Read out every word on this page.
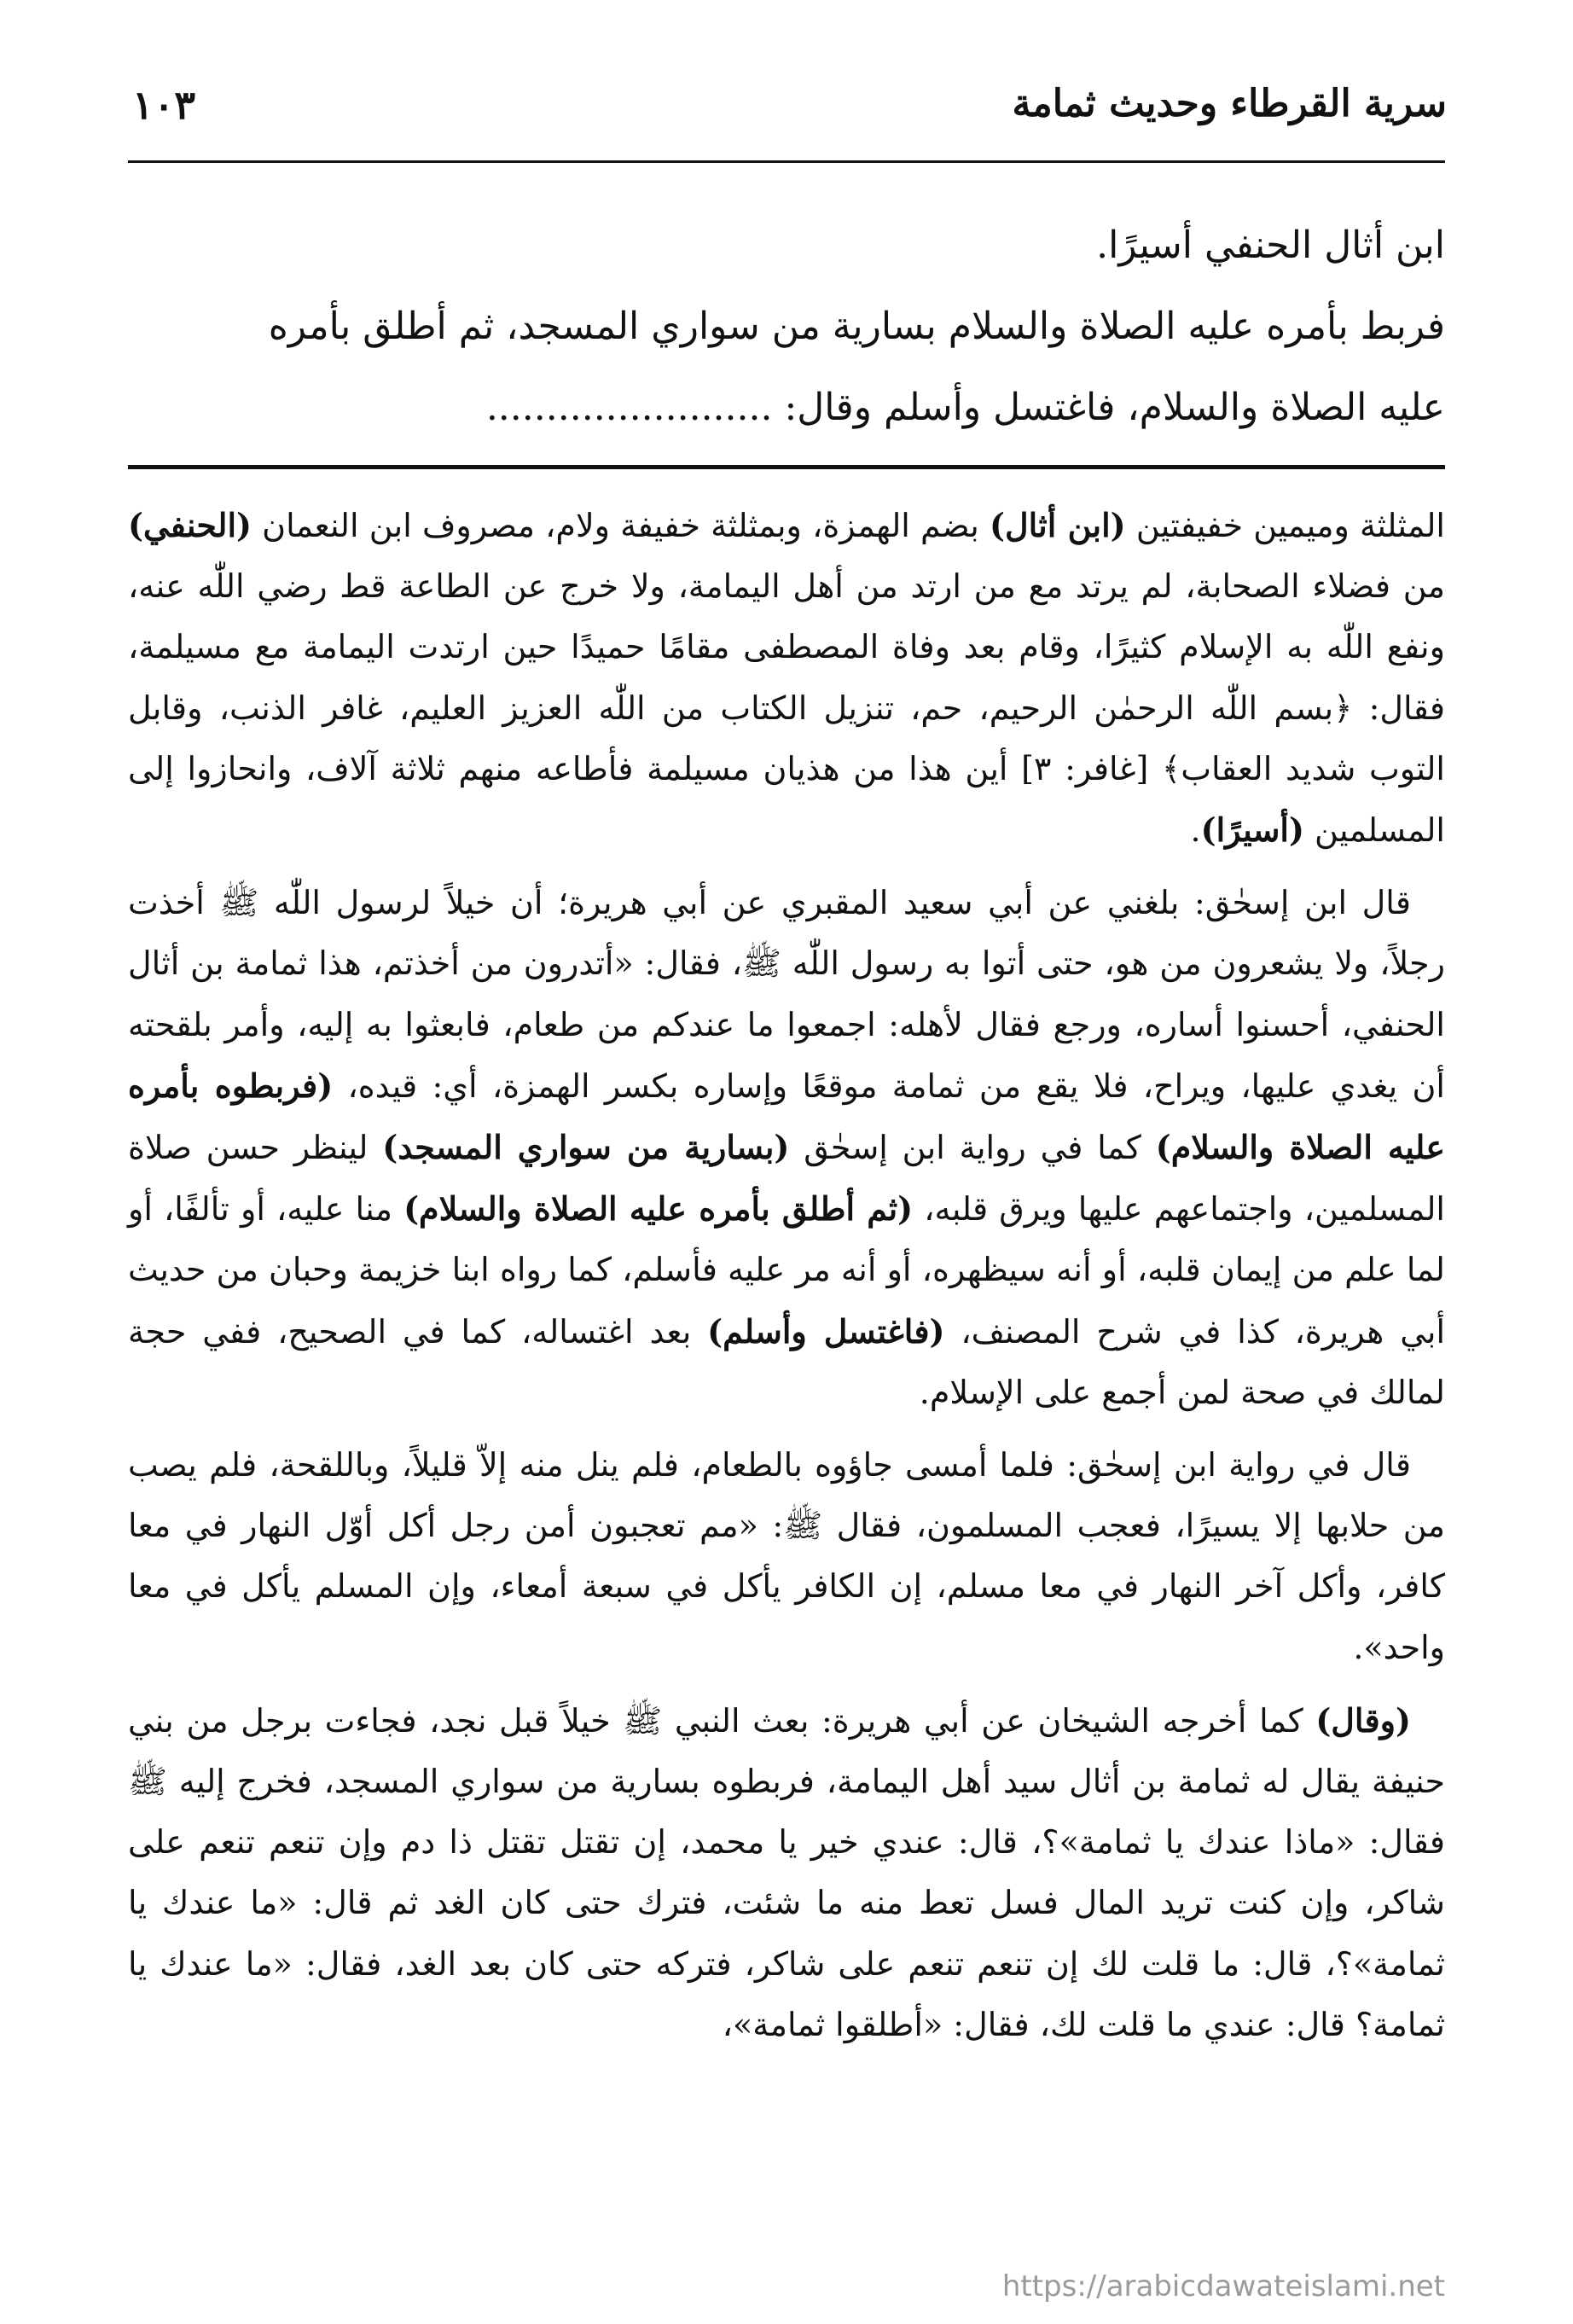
سرية القرطاء وحديث ثمامة
١٠٣

ابن أثال الحنفي أسيرًا.

فربط بأمره عليه الصلاة والسلام بسارية من سواري المسجد، ثم أطلق بأمره

عليه الصلاة والسلام، فاغتسل وأسلم وقال: ........................

المثلثة وميمين خفيفتين (ابن أثال) بضم الهمزة، وبمثلثة خفيفة ولام، مصروف ابن النعمان (الحنفي) من فضلاء الصحابة، لم يرتد مع من ارتد من أهل اليمامة، ولا خرج عن الطاعة قط رضي اللّٰه عنه، ونفع اللّٰه به الإسلام كثيرًا، وقام بعد وفاة المصطفى مقامًا حميدًا حين ارتدت اليمامة مع مسيلمة، فقال: ﴿بسم اللّٰه الرحمٰن الرحيم، حم، تنزيل الكتاب من اللّٰه العزيز العليم، غافر الذنب، وقابل التوب شديد العقاب﴾ [غافر: ٣] أين هذا من هذيان مسيلمة فأطاعه منهم ثلاثة آلاف، وانحازوا إلى المسلمين (أسيرًا).

قال ابن إسحٰق: بلغني عن أبي سعيد المقبري عن أبي هريرة؛ أن خيلاً لرسول اللّٰه ﷺ أخذت رجلاً، ولا يشعرون من هو، حتى أتوا به رسول اللّٰه ﷺ، فقال: «أتدرون من أخذتم، هذا ثمامة بن أثال الحنفي، أحسنوا أساره، ورجع فقال لأهله: اجمعوا ما عندكم من طعام، فابعثوا به إليه، وأمر بلقحته أن يغدي عليها، ويراح، فلا يقع من ثمامة موقعًا وإساره بكسر الهمزة، أي: قيده، (فربطوه بأمره عليه الصلاة والسلام) كما في رواية ابن إسحٰق (بسارية من سواري المسجد) لينظر حسن صلاة المسلمين، واجتماعهم عليها ويرق قلبه، (ثم أطلق بأمره عليه الصلاة والسلام) منا عليه، أو تألفًا، أو لما علم من إيمان قلبه، أو أنه سيظهره، أو أنه مر عليه فأسلم، كما رواه ابنا خزيمة وحبان من حديث أبي هريرة، كذا في شرح المصنف، (فاغتسل وأسلم) بعد اغتساله، كما في الصحيح، ففي حجة لمالك في صحة لمن أجمع على الإسلام.

قال في رواية ابن إسحٰق: فلما أمسى جاؤوه بالطعام، فلم ينل منه إلاّ قليلاً، وباللقحة، فلم يصب من حلابها إلا يسيرًا، فعجب المسلمون، فقال ﷺ: «مم تعجبون أمن رجل أكل أوّل النهار في معا كافر، وأكل آخر النهار في معا مسلم، إن الكافر يأكل في سبعة أمعاء، وإن المسلم يأكل في معا واحد».

(وقال) كما أخرجه الشيخان عن أبي هريرة: بعث النبي ﷺ خيلاً قبل نجد، فجاءت برجل من بني حنيفة يقال له ثمامة بن أثال سيد أهل اليمامة، فربطوه بسارية من سواري المسجد، فخرج إليه ﷺ فقال: «ماذا عندك يا ثمامة»؟، قال: عندي خير يا محمد، إن تقتل تقتل ذا دم وإن تنعم تنعم على شاكر، وإن كنت تريد المال فسل تعط منه ما شئت، فترك حتى كان الغد ثم قال: «ما عندك يا ثمامة»؟، قال: ما قلت لك إن تنعم تنعم على شاكر، فتركه حتى كان بعد الغد، فقال: «ما عندك يا ثمامة؟ قال: عندي ما قلت لك، فقال: «أطلقوا ثمامة»،

https://arabicdawateislami.net
